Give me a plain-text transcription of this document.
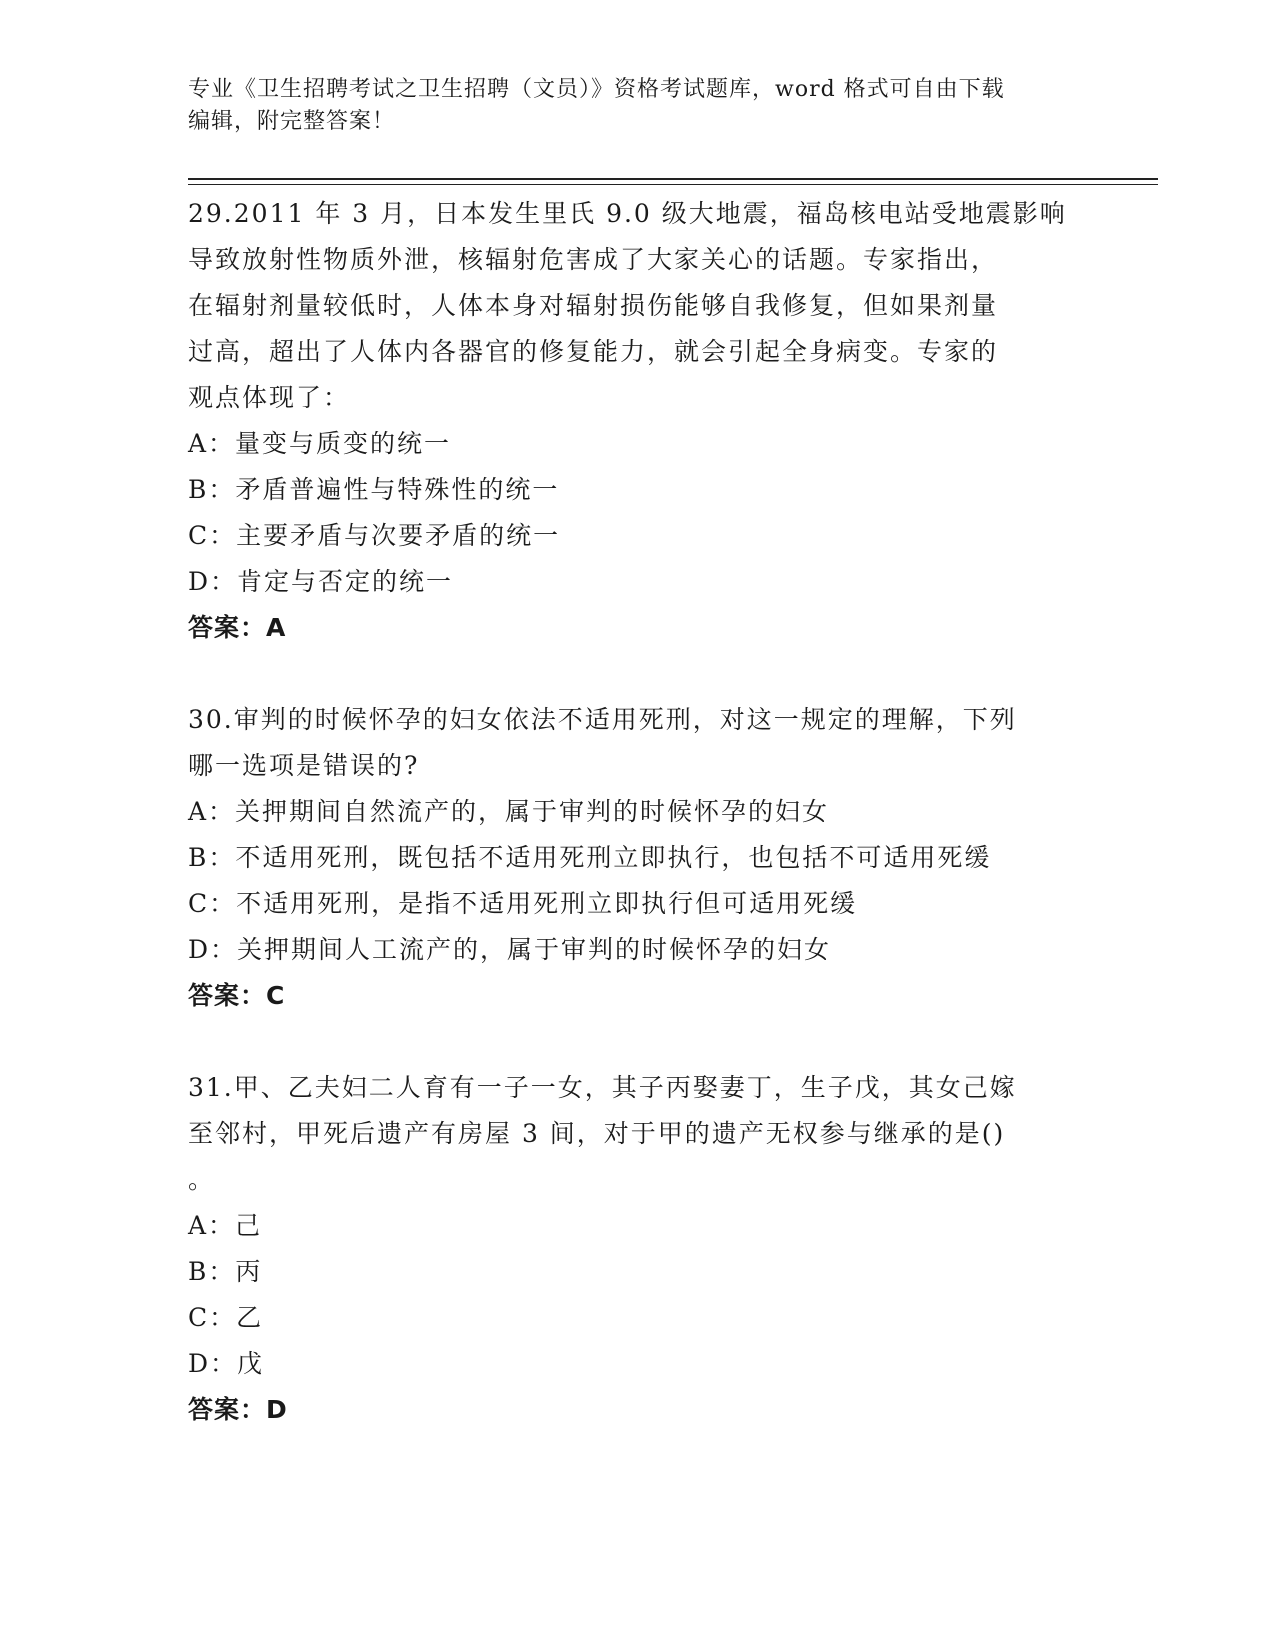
专业《卫生招聘考试之卫生招聘（文员）》资格考试题库，word 格式可自由下载
编辑，附完整答案！
29.2011 年 3 月，日本发生里氏 9.0 级大地震，福岛核电站受地震影响
导致放射性物质外泄，核辐射危害成了大家关心的话题。专家指出，
在辐射剂量较低时，人体本身对辐射损伤能够自我修复，但如果剂量
过高，超出了人体内各器官的修复能力，就会引起全身病变。专家的
观点体现了：
A：量变与质变的统一
B：矛盾普遍性与特殊性的统一
C：主要矛盾与次要矛盾的统一
D：肯定与否定的统一
答案：A
30.审判的时候怀孕的妇女依法不适用死刑，对这一规定的理解，下列
哪一选项是错误的?
A：关押期间自然流产的，属于审判的时候怀孕的妇女
B：不适用死刑，既包括不适用死刑立即执行，也包括不可适用死缓
C：不适用死刑，是指不适用死刑立即执行但可适用死缓
D：关押期间人工流产的，属于审判的时候怀孕的妇女
答案：C
31.甲、乙夫妇二人育有一子一女，其子丙娶妻丁，生子戊，其女己嫁
至邻村，甲死后遗产有房屋 3 间，对于甲的遗产无权参与继承的是()
。
A：己
B：丙
C：乙
D：戊
答案：D
